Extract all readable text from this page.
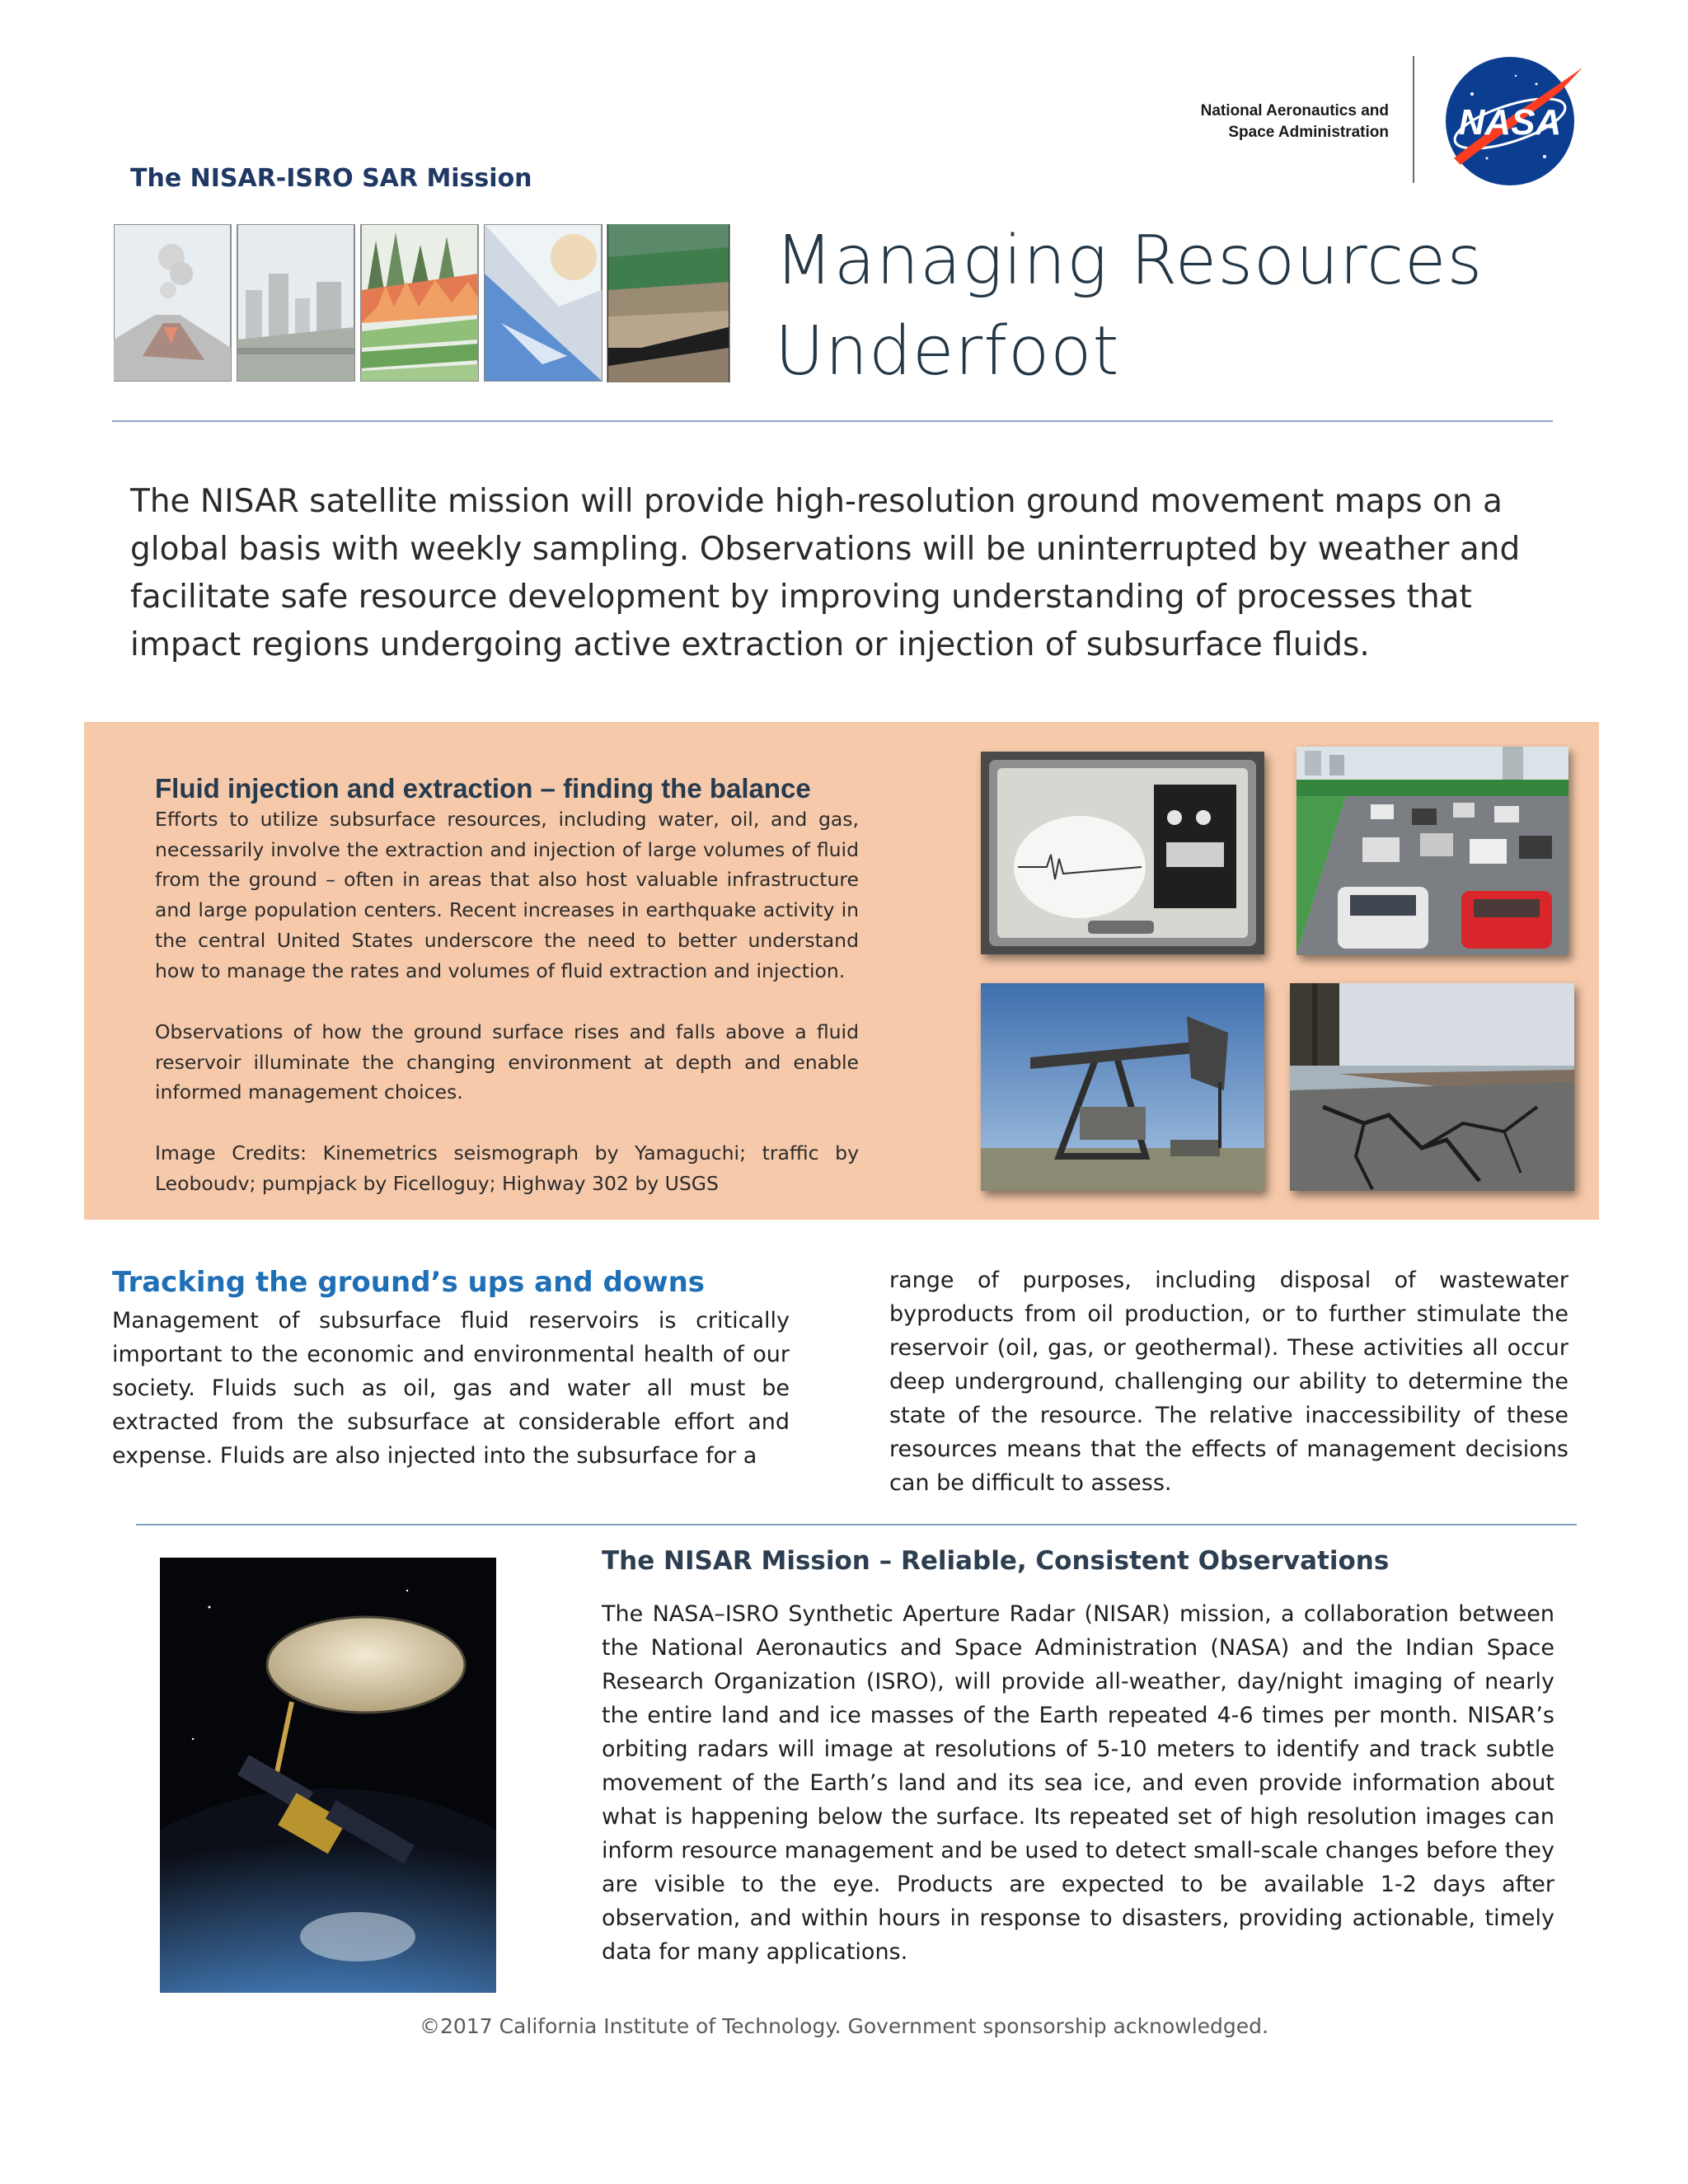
National Aeronautics and
Space Administration NASA
The NISAR-ISRO SAR Mission
Managing Resources
Underfoot
The NISAR satellite mission will provide high-resolution ground movement maps on a global basis with weekly sampling. Observations will be uninterrupted by weather and facilitate safe resource development by improving understanding of processes that impact regions undergoing active extraction or injection of subsurface fluids.
Fluid injection and extraction – finding the balance
Efforts to utilize subsurface resources, including water, oil, and gas, necessarily involve the extraction and injection of large volumes of fluid from the ground – often in areas that also host valuable infrastructure and large population centers. Recent increases in earthquake activity in the central United States underscore the need to better understand how to manage the rates and volumes of fluid extraction and injection.
Observations of how the ground surface rises and falls above a fluid reservoir illuminate the changing environment at depth and enable informed management choices.
Image Credits: Kinemetrics seismograph by Yamaguchi; traffic by Leoboudv; pumpjack by Ficelloguy; Highway 302 by USGS
Tracking the ground’s ups and downs
Management of subsurface fluid reservoirs is critically important to the economic and environmental health of our society. Fluids such as oil, gas and water all must be extracted from the subsurface at considerable effort and expense. Fluids are also injected into the subsurface for a
range of purposes, including disposal of wastewater byproducts from oil production, or to further stimulate the reservoir (oil, gas, or geothermal). These activities all occur deep underground, challenging our ability to determine the state of the resource. The relative inaccessibility of these resources means that the effects of management decisions can be difficult to assess.
The NISAR Mission – Reliable, Consistent Observations
The NASA–ISRO Synthetic Aperture Radar (NISAR) mission, a collaboration between the National Aeronautics and Space Administration (NASA) and the Indian Space Research Organization (ISRO), will provide all-weather, day/night imaging of nearly the entire land and ice masses of the Earth repeated 4-6 times per month. NISAR’s orbiting radars will image at resolutions of 5-10 meters to identify and track subtle movement of the Earth’s land and its sea ice, and even provide information about what is happening below the surface. Its repeated set of high resolution images can inform resource management and be used to detect small-scale changes before they are visible to the eye. Products are expected to be available 1-2 days after observation, and within hours in response to disasters, providing actionable, timely data for many applications.
©2017 California Institute of Technology. Government sponsorship acknowledged.
